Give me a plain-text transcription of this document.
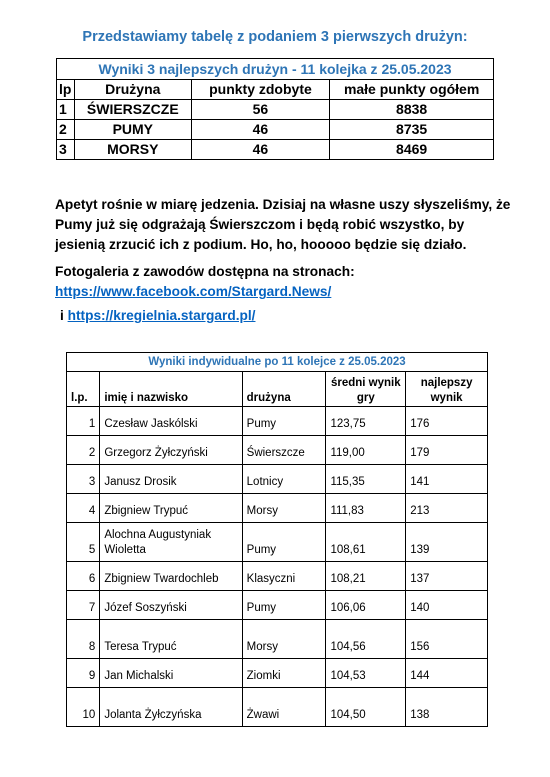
Przedstawiamy tabelę z podaniem 3 pierwszych drużyn:
Wyniki 3 najlepszych drużyn - 11 kolejka z 25.05.2023			
lp	Drużyna	punkty zdobyte	małe punkty ogółem
1	ŚWIERSZCZE	56	8838
2	PUMY	46	8735
3	MORSY	46	8469
Apetyt rośnie w miarę jedzenia. Dzisiaj na własne uszy słyszeliśmy, że Pumy już się odgrażają Świerszczom i będą robić wszystko, by jesienią zrzucić ich z podium. Ho, ho, hooooo będzie się działo.
Fotogaleria z zawodów dostępna na stronach:
https://www.facebook.com/Stargard.News/
i https://kregielnia.stargard.pl/
Wyniki indywidualne po 11 kolejce z 25.05.2023				
l.p.	imię i nazwisko	drużyna	średni wynik gry	najlepszy wynik
1	Czesław Jaskólski	Pumy	123,75	176
2	Grzegorz Żyłczyński	Świerszcze	119,00	179
3	Janusz Drosik	Lotnicy	115,35	141
4	Zbigniew Trypuć	Morsy	111,83	213
5	Alochna Augustyniak Wioletta	Pumy	108,61	139
6	Zbigniew Twardochleb	Klasyczni	108,21	137
7	Józef Soszyński	Pumy	106,06	140
8	Teresa Trypuć	Morsy	104,56	156
9	Jan Michalski	Ziomki	104,53	144
10	Jolanta Żyłczyńska	Żwawi	104,50	138
